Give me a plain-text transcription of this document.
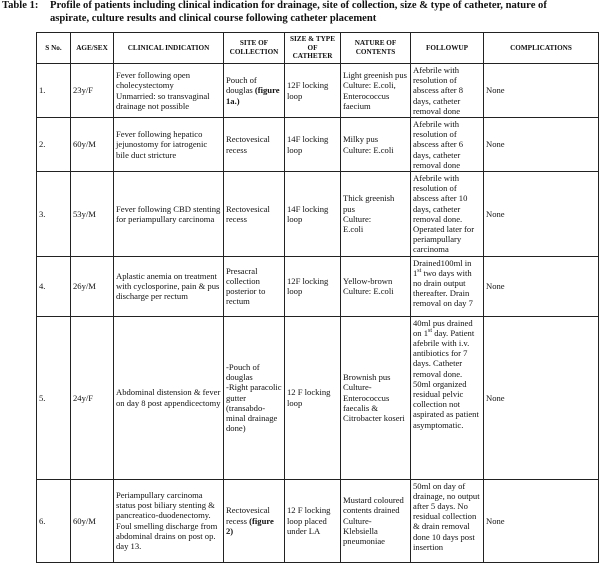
Table 1: Profile of patients including clinical indication for drainage, site of collection, size & type of catheter, nature of
aspirate, culture results and clinical course following catheter placement
S No.	AGE/SEX	CLINICAL INDICATION	SITE OF COLLECTION	SIZE & TYPE OF CATHETER	NATURE OF CONTENTS	FOLLOWUP	COMPLICATIONS
1.	23y/F	Fever following open cholecystectomy
Unmarried: so transvaginal drainage not possible	Pouch of douglas (figure 1a.)	12F locking loop	Light greenish pus
Culture: E.coli,
Enterococcus faecium	Afebrile with resolution of abscess after 8 days, catheter removal done	None
2.	60y/M	Fever following hepatico jejunostomy for iatrogenic bile duct stricture	Rectovesical recess	14F locking loop	Milky pus
Culture: E.coli	Afebrile with resolution of abscess after 6 days, catheter removal done	None
3.	53y/M	Fever following CBD stenting for periampullary carcinoma	Rectovesical recess	14F locking loop	Thick greenish pus
Culture:
E.coli	Afebrile with resolution of abscess after 10 days, catheter removal done. Operated later for periampullary carcinoma	None
4.	26y/M	Aplastic anemia on treatment with cyclosporine, pain & pus discharge per rectum	Presacral collection posterior to rectum	12F locking loop	Yellow-brown
Culture: E.coli	Drained100ml in 1st two days with no drain output thereafter. Drain removal on day 7	None
5.	24y/F	Abdominal distension & fever on day 8 post appendicectomy	-Pouch of douglas
-Right paracolic gutter
(transabdo-minal drainage done)	12 F locking loop	Brownish pus
Culture-
Enterococcus faecalis &
Citrobacter koseri	40ml pus drained on 1st day. Patient afebrile with i.v. antibiotics for 7 days. Catheter removal done. 50ml organized residual pelvic collection not aspirated as patient asymptomatic.	None
6.	60y/M	Periampullary carcinoma status post biliary stenting & pancreatico-duodenectomy. Foul smelling discharge from abdominal drains on post op. day 13.	Rectovesical recess (figure 2)	12 F locking loop placed under LA	Mustard coloured contents drained
Culture-
Klebsiella pneumoniae	50ml on day of drainage, no output after 5 days. No residual collection & drain removal done 10 days post insertion	None
